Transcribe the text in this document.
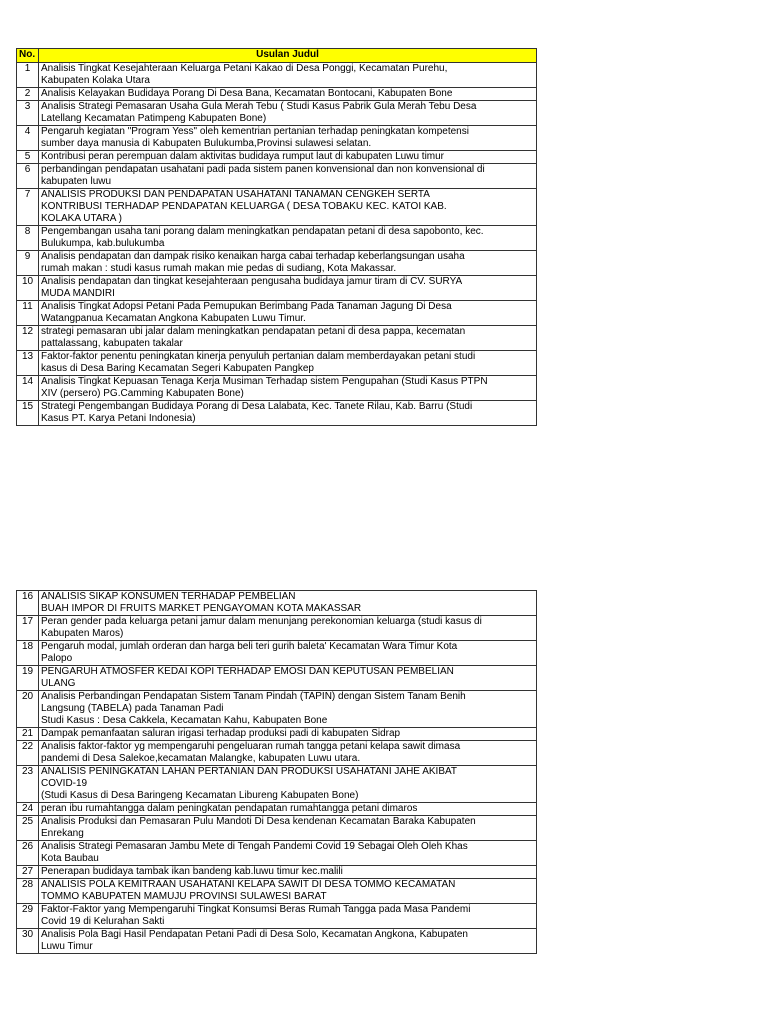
No.	Usulan Judul
1	Analisis Tingkat Kesejahteraan Keluarga Petani Kakao di Desa Ponggi, Kecamatan Purehu,
Kabupaten Kolaka Utara
2	Analisis Kelayakan Budidaya Porang Di Desa Bana, Kecamatan Bontocani, Kabupaten Bone
3	Analisis Strategi Pemasaran Usaha Gula Merah Tebu ( Studi Kasus Pabrik Gula Merah Tebu Desa
Latellang Kecamatan Patimpeng Kabupaten Bone)
4	Pengaruh kegiatan "Program Yess" oleh kementrian pertanian terhadap peningkatan kompetensi
sumber daya manusia di Kabupaten Bulukumba,Provinsi sulawesi selatan.
5	Kontribusi peran perempuan dalam aktivitas budidaya rumput laut di kabupaten Luwu timur
6	perbandingan pendapatan usahatani padi pada sistem panen konvensional dan non konvensional di
kabupaten luwu
7	ANALISIS PRODUKSI DAN PENDAPATAN USAHATANI TANAMAN CENGKEH SERTA
KONTRIBUSI TERHADAP PENDAPATAN KELUARGA ( DESA TOBAKU KEC. KATOI KAB.
KOLAKA UTARA )
8	Pengembangan usaha tani porang dalam meningkatkan pendapatan petani di desa sapobonto, kec.
Bulukumpa, kab.bulukumba
9	Analisis pendapatan dan dampak risiko kenaikan harga cabai terhadap keberlangsungan usaha
rumah makan : studi kasus rumah makan mie pedas di sudiang, Kota Makassar.
10	Analisis pendapatan dan tingkat kesejahteraan pengusaha budidaya jamur tiram di CV. SURYA
MUDA MANDIRI
11	Analisis Tingkat Adopsi Petani Pada Pemupukan Berimbang Pada Tanaman Jagung Di Desa
Watangpanua Kecamatan Angkona Kabupaten Luwu Timur.
12	strategi pemasaran ubi jalar dalam meningkatkan pendapatan petani di desa pappa, kecematan
pattalassang, kabupaten takalar
13	Faktor-faktor penentu peningkatan kinerja penyuluh pertanian dalam memberdayakan petani studi
kasus di Desa Baring Kecamatan Segeri Kabupaten Pangkep
14	Analisis Tingkat Kepuasan Tenaga Kerja Musiman Terhadap sistem Pengupahan (Studi Kasus PTPN
XIV (persero) PG.Camming Kabupaten Bone)
15	Strategi Pengembangan Budidaya Porang di Desa Lalabata, Kec. Tanete Rilau, Kab. Barru (Studi
Kasus PT. Karya Petani Indonesia)
16	ANALISIS SIKAP KONSUMEN TERHADAP PEMBELIAN
BUAH IMPOR DI FRUITS MARKET PENGAYOMAN KOTA MAKASSAR
17	Peran gender pada keluarga petani jamur dalam menunjang perekonomian keluarga (studi kasus di
Kabupaten Maros)
18	Pengaruh modal, jumlah orderan dan harga beli teri gurih baleta' Kecamatan Wara Timur Kota
Palopo

19	PENGARUH ATMOSFER KEDAI KOPI TERHADAP EMOSI DAN KEPUTUSAN PEMBELIAN
ULANG
20	Analisis Perbandingan Pendapatan Sistem Tanam Pindah (TAPIN) dengan Sistem Tanam Benih
Langsung (TABELA) pada Tanaman Padi
Studi Kasus : Desa Cakkela, Kecamatan Kahu, Kabupaten Bone
21	Dampak pemanfaatan saluran irigasi terhadap produksi padi di kabupaten Sidrap
22	Analisis faktor-faktor yg mempengaruhi pengeluaran rumah tangga petani kelapa sawit dimasa
pandemi di Desa Salekoe,kecamatan Malangke, kabupaten Luwu utara.
23	ANALISIS PENINGKATAN LAHAN PERTANIAN DAN PRODUKSI USAHATANI JAHE AKIBAT
COVID-19
(Studi Kasus di Desa Baringeng Kecamatan Libureng Kabupaten Bone)
24	peran ibu rumahtangga dalam peningkatan pendapatan rumahtangga petani dimaros
25	Analisis Produksi dan Pemasaran Pulu Mandoti Di Desa kendenan Kecamatan Baraka Kabupaten
Enrekang
26	Analisis Strategi Pemasaran Jambu Mete di Tengah Pandemi Covid 19 Sebagai Oleh Oleh Khas
Kota Baubau
27	Penerapan budidaya tambak ikan bandeng kab.luwu timur kec.malili
28	ANALISIS POLA KEMITRAAN USAHATANI KELAPA SAWIT DI DESA TOMMO KECAMATAN
TOMMO KABUPATEN MAMUJU PROVINSI SULAWESI BARAT
29	Faktor-Faktor yang Mempengaruhi Tingkat Konsumsi Beras Rumah Tangga pada Masa Pandemi
Covid 19 di Kelurahan Sakti
30	Analisis Pola Bagi Hasil Pendapatan Petani Padi di Desa Solo, Kecamatan Angkona, Kabupaten
Luwu Timur
